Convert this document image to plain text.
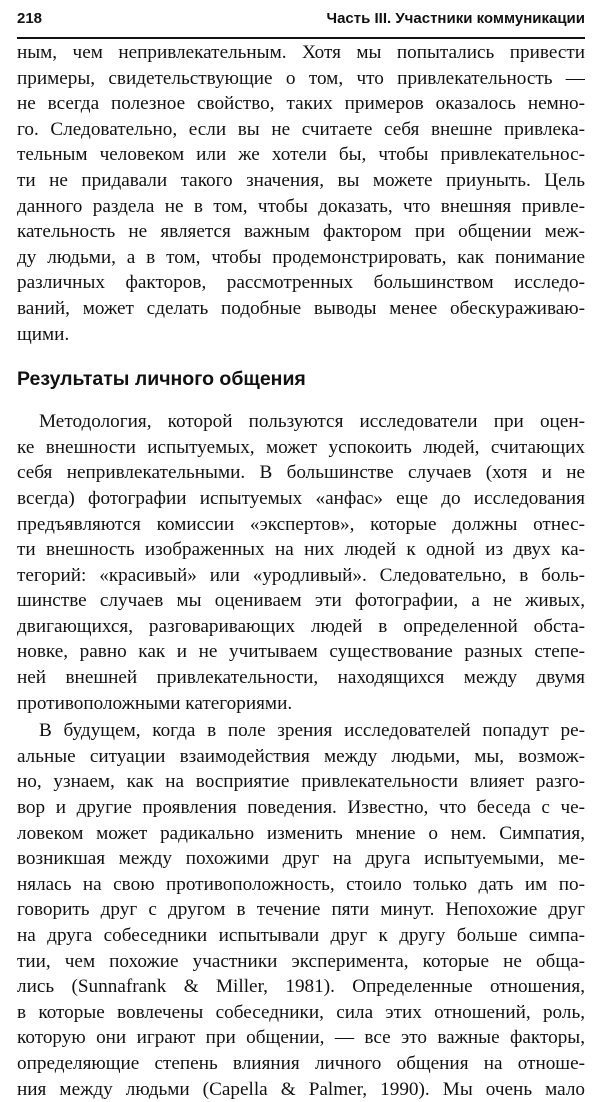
218	Часть III. Участники коммуникации
ным, чем непривлекательным. Хотя мы попытались привести
примеры, свидетельствующие о том, что привлекательность —
не всегда полезное свойство, таких примеров оказалось немно-
го. Следовательно, если вы не считаете себя внешне привлека-
тельным человеком или же хотели бы, чтобы привлекательнос-
ти не придавали такого значения, вы можете приуныть. Цель
данного раздела не в том, чтобы доказать, что внешняя привле-
кательность не является важным фактором при общении меж-
ду людьми, а в том, чтобы продемонстрировать, как понимание
различных факторов, рассмотренных большинством исследо-
ваний, может сделать подобные выводы менее обескураживаю-
щими.
Результаты личного общения
Методология, которой пользуются исследователи при оцен-
ке внешности испытуемых, может успокоить людей, считающих
себя непривлекательными. В большинстве случаев (хотя и не
всегда) фотографии испытуемых «анфас» еще до исследования
предъявляются комиссии «экспертов», которые должны отнес-
ти внешность изображенных на них людей к одной из двух ка-
тегорий: «красивый» или «уродливый». Следовательно, в боль-
шинстве случаев мы оцениваем эти фотографии, а не живых,
двигающихся, разговаривающих людей в определенной обста-
новке, равно как и не учитываем существование разных степе-
ней внешней привлекательности, находящихся между двумя
противоположными категориями.
В будущем, когда в поле зрения исследователей попадут ре-
альные ситуации взаимодействия между людьми, мы, возмож-
но, узнаем, как на восприятие привлекательности влияет разго-
вор и другие проявления поведения. Известно, что беседа с че-
ловеком может радикально изменить мнение о нем. Симпатия,
возникшая между похожими друг на друга испытуемыми, ме-
нялась на свою противоположность, стоило только дать им по-
говорить друг с другом в течение пяти минут. Непохожие друг
на друга собеседники испытывали друг к другу больше симпа-
тии, чем похожие участники эксперимента, которые не обща-
лись (Sunnafrank & Miller, 1981). Определенные отношения,
в которые вовлечены собеседники, сила этих отношений, роль,
которую они играют при общении, — все это важные факторы,
определяющие степень влияния личного общения на отноше-
ния между людьми (Capella & Palmer, 1990). Мы очень мало
